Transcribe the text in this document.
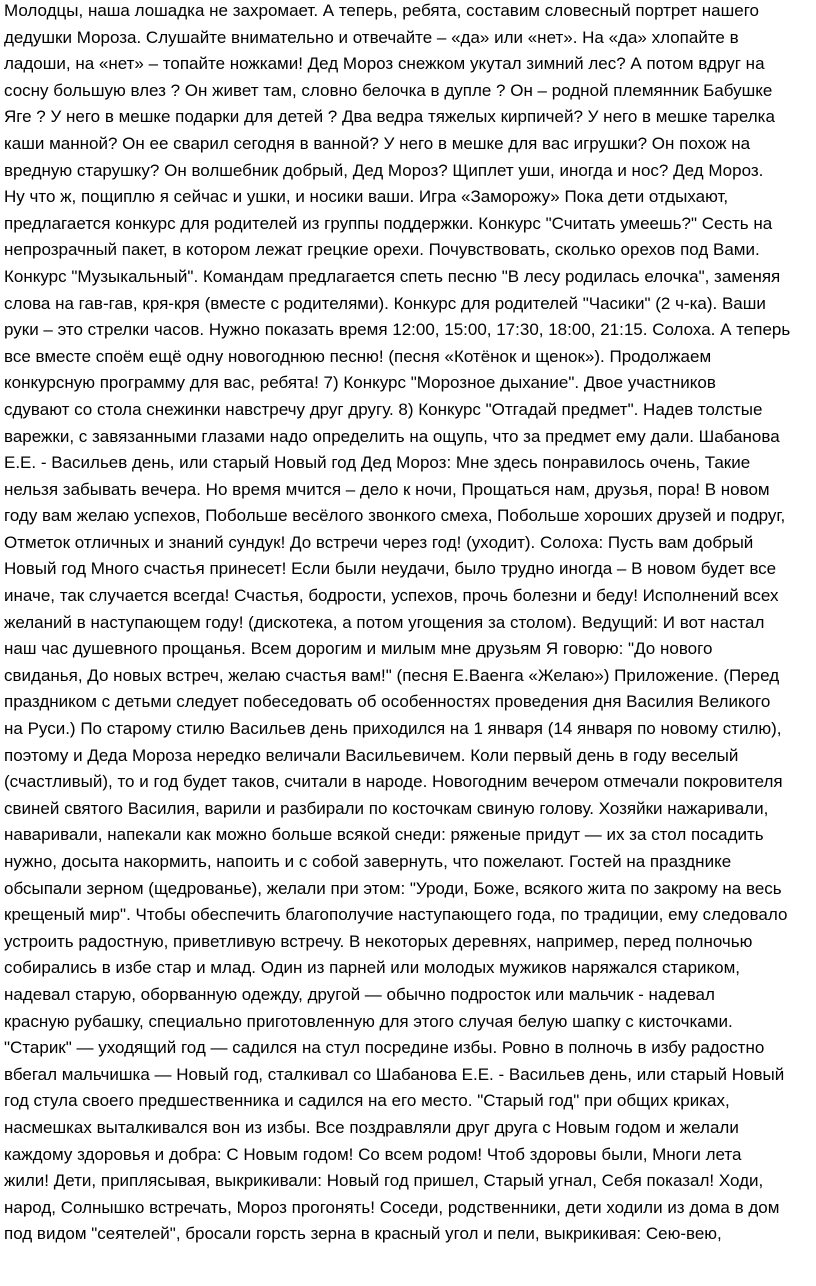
Молодцы, наша лошадка не захромает. А теперь, ребята, составим словесный портрет нашего
дедушки Мороза. Слушайте внимательно и отвечайте – «да» или «нет». На «да» хлопайте в
ладоши, на «нет» – топайте ножками! Дед Мороз снежком укутал зимний лес? А потом вдруг на
сосну большую влез ? Он живет там, словно белочка в дупле ? Он – родной племянник Бабушке
Яге ? У него в мешке подарки для детей ? Два ведра тяжелых кирпичей? У него в мешке тарелка
каши манной? Он ее сварил сегодня в ванной? У него в мешке для вас игрушки? Он похож на
вредную старушку? Он волшебник добрый, Дед Мороз? Щиплет уши, иногда и нос? Дед Мороз.
Ну что ж, пощиплю я сейчас и ушки, и носики ваши. Игра «Заморожу» Пока дети отдыхают,
предлагается конкурс для родителей из группы поддержки. Конкурс "Считать умеешь?" Сесть на
непрозрачный пакет, в котором лежат грецкие орехи. Почувствовать, сколько орехов под Вами.
Конкурс "Музыкальный". Командам предлагается спеть песню "В лесу родилась елочка", заменяя
слова на гав-гав, кря-кря (вместе с родителями). Конкурс для родителей "Часики" (2 ч-ка). Ваши
руки – это стрелки часов. Нужно показать время 12:00, 15:00, 17:30, 18:00, 21:15. Солоха. А теперь
все вместе споём ещё одну новогоднюю песню! (песня «Котёнок и щенок»). Продолжаем
конкурсную программу для вас, ребята! 7) Конкурс "Морозное дыхание". Двое участников
сдувают со стола снежинки навстречу друг другу. 8) Конкурс "Отгадай предмет". Надев толстые
варежки, с завязанными глазами надо определить на ощупь, что за предмет ему дали. Шабанова
Е.Е. - Васильев день, или старый Новый год Дед Мороз: Мне здесь понравилось очень, Такие
нельзя забывать вечера. Но время мчится – дело к ночи, Прощаться нам, друзья, пора! В новом
году вам желаю успехов, Побольше весёлого звонкого смеха, Побольше хороших друзей и подруг,
Отметок отличных и знаний сундук! До встречи через год! (уходит). Солоха: Пусть вам добрый
Новый год Много счастья принесет! Если были неудачи, было трудно иногда – В новом будет все
иначе, так случается всегда! Счастья, бодрости, успехов, прочь болезни и беду! Исполнений всех
желаний в наступающем году! (дискотека, а потом угощения за столом). Ведущий: И вот настал
наш час душевного прощанья. Всем дорогим и милым мне друзьям Я говорю: "До нового
свиданья, До новых встреч, желаю счастья вам!" (песня Е.Ваенга «Желаю») Приложение. (Перед
праздником с детьми следует побеседовать об особенностях проведения дня Василия Великого
на Руси.) По старому стилю Васильев день приходился на 1 января (14 января по новому стилю),
поэтому и Деда Мороза нередко величали Васильевичем. Коли первый день в году веселый
(счастливый), то и год будет таков, считали в народе. Новогодним вечером отмечали покровителя
свиней святого Василия, варили и разбирали по косточкам свиную голову. Хозяйки нажаривали,
наваривали, напекали как можно больше всякой снеди: ряженые придут — их за стол посадить
нужно, досыта накормить, напоить и с собой завернуть, что пожелают. Гостей на празднике
обсыпали зерном (щедрованье), желали при этом: "Уроди, Боже, всякого жита по закрому на весь
крещеный мир". Чтобы обеспечить благополучие наступающего года, по традиции, ему следовало
устроить радостную, приветливую встречу. В некоторых деревнях, например, перед полночью
собирались в избе стар и млад. Один из парней или молодых мужиков наряжался стариком,
надевал старую, оборванную одежду, другой — обычно подросток или мальчик - надевал
красную рубашку, специально приготовленную для этого случая белую шапку с кисточками.
"Старик" — уходящий год — садился на стул посредине избы. Ровно в полночь в избу радостно
вбегал мальчишка — Новый год, сталкивал со Шабанова Е.Е. - Васильев день, или старый Новый
год стула своего предшественника и садился на его место. "Старый год" при общих криках,
насмешках выталкивался вон из избы. Все поздравляли друг друга с Новым годом и желали
каждому здоровья и добра: С Новым годом! Со всем родом! Чтоб здоровы были, Многи лета
жили! Дети, приплясывая, выкрикивали: Новый год пришел, Старый угнал, Себя показал! Ходи,
народ, Солнышко встречать, Мороз прогонять! Соседи, родственники, дети ходили из дома в дом
под видом "сеятелей", бросали горсть зерна в красный угол и пели, выкрикивая: Сею-вею,
